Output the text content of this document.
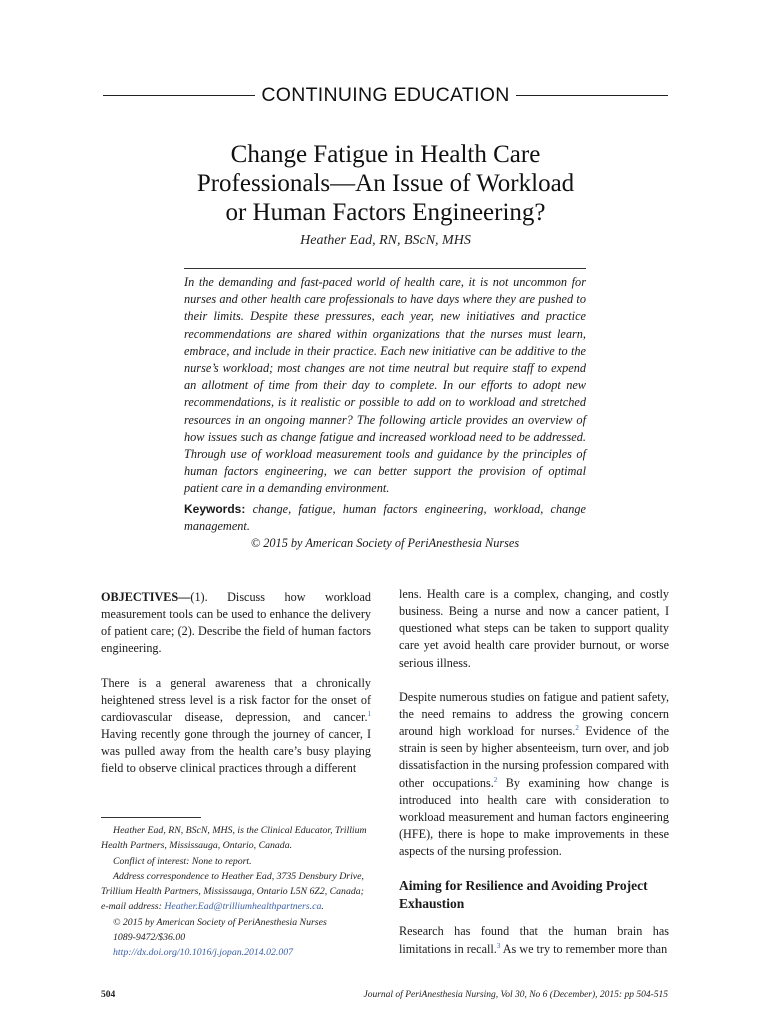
CONTINUING EDUCATION
Change Fatigue in Health Care
Professionals—An Issue of Workload
or Human Factors Engineering?
Heather Ead, RN, BScN, MHS
In the demanding and fast-paced world of health care, it is not uncommon for nurses and other health care professionals to have days where they are pushed to their limits. Despite these pressures, each year, new initiatives and practice recommendations are shared within organizations that the nurses must learn, embrace, and include in their practice. Each new initiative can be additive to the nurse’s workload; most changes are not time neutral but require staff to expend an allotment of time from their day to complete. In our efforts to adopt new recommendations, is it realistic or possible to add on to workload and stretched resources in an ongoing manner? The following article provides an overview of how issues such as change fatigue and increased workload need to be addressed. Through use of workload measurement tools and guidance by the principles of human factors engineering, we can better support the provision of optimal patient care in a demanding environment.
Keywords: change, fatigue, human factors engineering, workload, change management.
© 2015 by American Society of PeriAnesthesia Nurses

OBJECTIVES—(1). Discuss how workload measurement tools can be used to enhance the delivery of patient care; (2). Describe the field of human factors engineering.

There is a general awareness that a chronically heightened stress level is a risk factor for the onset of cardiovascular disease, depression, and cancer.$^1$ Having recently gone through the journey of cancer, I was pulled away from the health care’s busy playing field to observe clinical practices through a different

Heather Ead, RN, BScN, MHS, is the Clinical Educator, Trillium Health Partners, Mississauga, Ontario, Canada.
Conflict of interest: None to report.
Address correspondence to Heather Ead, 3735 Densbury Drive, Trillium Health Partners, Mississauga, Ontario L5N 6Z2, Canada;
e-mail address: Heather.Ead@trilliumhealthpartners.ca.
© 2015 by American Society of PeriAnesthesia Nurses
1089-9472/$36.00
http://dx.doi.org/10.1016/j.jopan.2014.02.007
504	Journal of PeriAnesthesia Nursing, Vol 30, No 6 (December), 2015: pp 504-515

lens. Health care is a complex, changing, and costly business. Being a nurse and now a cancer patient, I questioned what steps can be taken to support quality care yet avoid health care provider burnout, or worse serious illness.

Despite numerous studies on fatigue and patient safety, the need remains to address the growing concern around high workload for nurses.$^2$ Evidence of the strain is seen by higher absenteeism, turn over, and job dissatisfaction in the nursing profession compared with other occupations.$^2$ By examining how change is introduced into health care with consideration to workload measurement and human factors engineering (HFE), there is hope to make improvements in these aspects of the nursing profession.

Aiming for Resilience and Avoiding Project Exhaustion

Research has found that the human brain has limitations in recall.$^3$ As we try to remember more than
